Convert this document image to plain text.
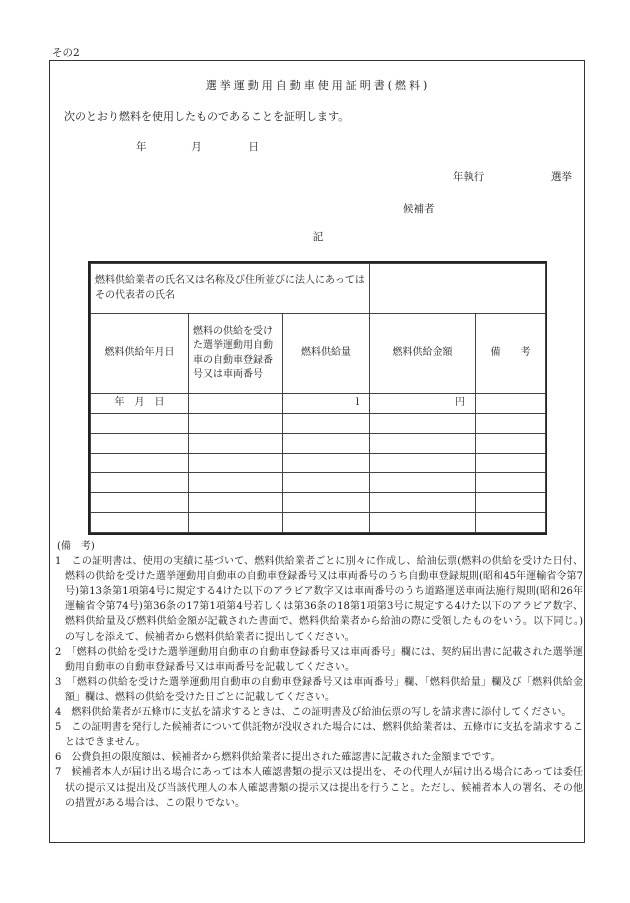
その2
選挙運動用自動車使用証明書(燃料)
次のとおり燃料を使用したものであることを証明します。
年	月	日
年執行	選挙
候補者
記
燃料供給業者の氏名又は名称及び住所並びに法人にあってはその代表者の氏名				
燃料供給年月日	燃料の供給を受けた選挙運動用自動車の自動車登録番号又は車両番号	燃料供給量	燃料供給金額	備　　考
年　月　日		l	円	

(備　考)

1　この証明書は、使用の実績に基づいて、燃料供給業者ごとに別々に作成し、給油伝票(燃料の供給を受けた日付、燃料の供給を受けた選挙運動用自動車の自動車登録番号又は車両番号のうち自動車登録規則(昭和45年運輸省令第7号)第13条第1項第4号に規定する4けた以下のアラビア数字又は車両番号のうち道路運送車両法施行規則(昭和26年運輸省令第74号)第36条の17第1項第4号若しくは第36条の18第1項第3号に規定する4けた以下のアラビア数字、燃料供給量及び燃料供給金額が記載された書面で、燃料供給業者から給油の際に受領したものをいう。以下同じ。)の写しを添えて、候補者から燃料供給業者に提出してください。

2　「燃料の供給を受けた選挙運動用自動車の自動車登録番号又は車両番号」欄には、契約届出書に記載された選挙運動用自動車の自動車登録番号又は車両番号を記載してください。

3　「燃料の供給を受けた選挙運動用自動車の自動車登録番号又は車両番号」欄、「燃料供給量」欄及び「燃料供給金額」欄は、燃料の供給を受けた日ごとに記載してください。

4　燃料供給業者が五條市に支払を請求するときは、この証明書及び給油伝票の写しを請求書に添付してください。

5　この証明書を発行した候補者について供託物が没収された場合には、燃料供給業者は、五條市に支払を請求することはできません。

6　公費負担の限度額は、候補者から燃料供給業者に提出された確認書に記載された金額までです。

7　候補者本人が届け出る場合にあっては本人確認書類の提示又は提出を、その代理人が届け出る場合にあっては委任状の提示又は提出及び当該代理人の本人確認書類の提示又は提出を行うこと。ただし、候補者本人の署名、その他の措置がある場合は、この限りでない。
